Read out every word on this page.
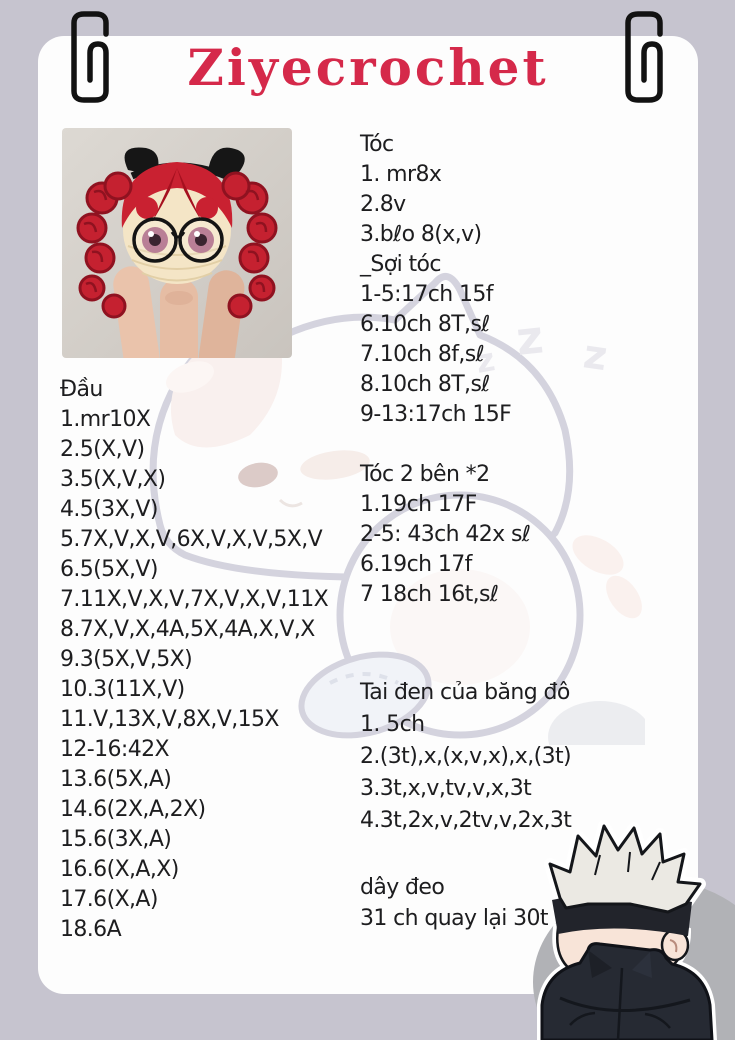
Ziyecrochet
z z z
Đầu
1.mr10X
2.5(X,V)
3.5(X,V,X)
4.5(3X,V)
5.7X,V,X,V,6X,V,X,V,5X,V
6.5(5X,V)
7.11X,V,X,V,7X,V,X,V,11X
8.7X,V,X,4A,5X,4A,X,V,X
9.3(5X,V,5X)
10.3(11X,V)
11.V,13X,V,8X,V,15X
12-16:42X
13.6(5X,A)
14.6(2X,A,2X)
15.6(3X,A)
16.6(X,A,X)
17.6(X,A)
18.6A
Tóc
1. mr8x
2.8v
3.bℓo 8(x,v)
_Sợi tóc
1-5:17ch 15f
6.10ch 8T,sℓ
7.10ch 8f,sℓ
8.10ch 8T,sℓ
9-13:17ch 15F
Tóc 2 bên *2
1.19ch 17F
2-5: 43ch 42x sℓ
6.19ch 17f
7 18ch 16t,sℓ
Tai đen của băng đô
1. 5ch
2.(3t),x,(x,v,x),x,(3t)
3.3t,x,v,tv,v,x,3t
4.3t,2x,v,2tv,v,2x,3t
dây đeo
31 ch quay lại 30t
